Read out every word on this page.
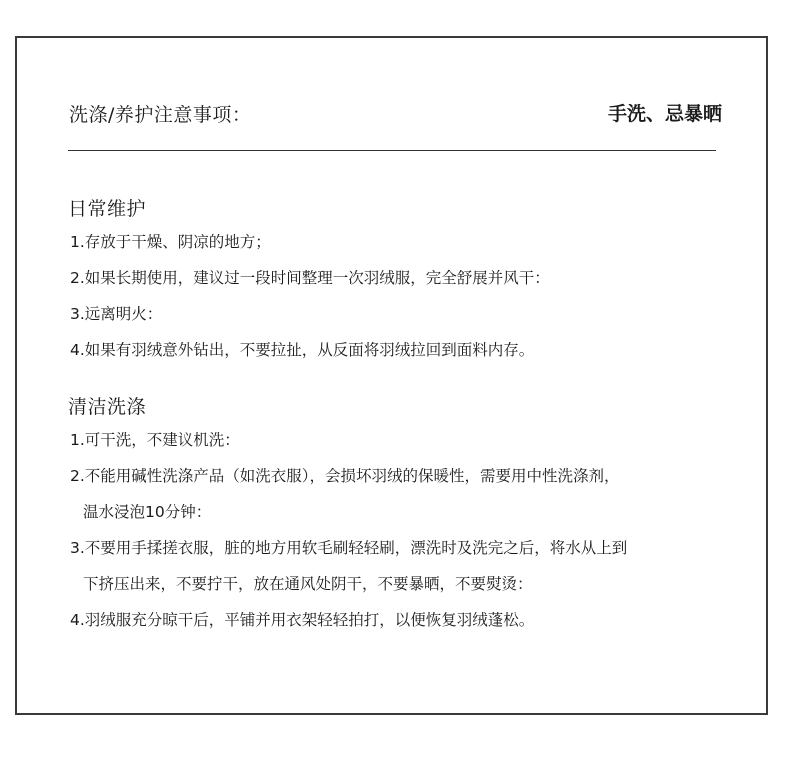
洗涤/养护注意事项：	手洗、忌暴晒
日常维护
1.存放于干燥、阴凉的地方；
2.如果长期使用，建议过一段时间整理一次羽绒服，完全舒展并风干：
3.远离明火：
4.如果有羽绒意外钻出，不要拉扯，从反面将羽绒拉回到面料内存。
清洁洗涤
1.可干洗，不建议机洗：
2.不能用碱性洗涤产品（如洗衣服），会损坏羽绒的保暖性，需要用中性洗涤剂，
温水浸泡10分钟：
3.不要用手揉搓衣服，脏的地方用软毛刷轻轻刷，漂洗时及洗完之后，将水从上到
下挤压出来，不要拧干，放在通风处阴干，不要暴晒，不要熨烫：
4.羽绒服充分晾干后，平铺并用衣架轻轻拍打，以便恢复羽绒蓬松。
